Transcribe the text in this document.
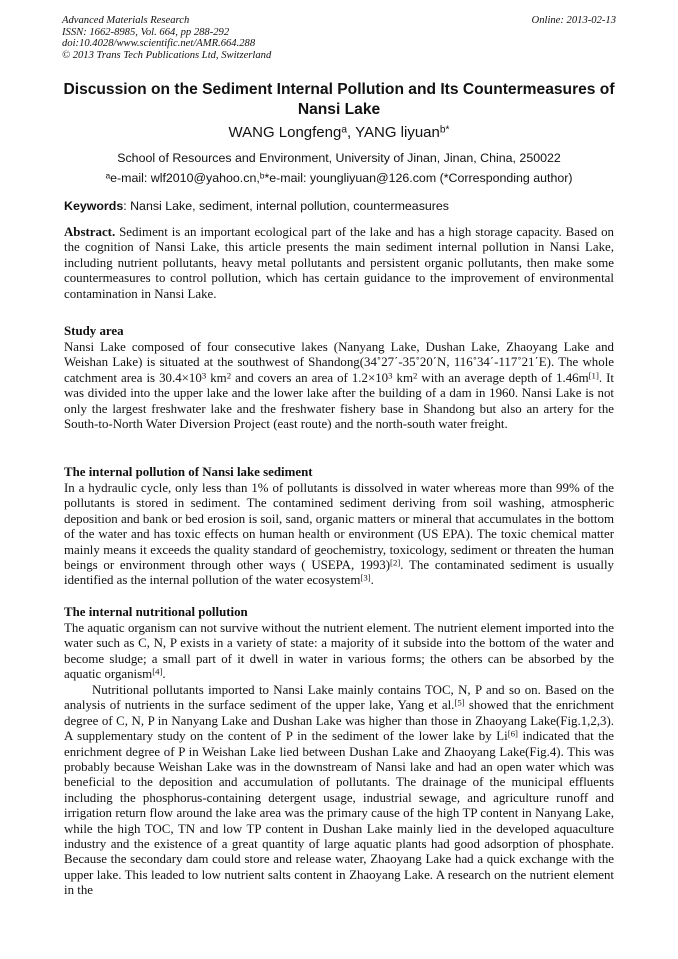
Advanced Materials Research
ISSN: 1662-8985, Vol. 664, pp 288-292
doi:10.4028/www.scientific.net/AMR.664.288
© 2013 Trans Tech Publications Ltd, Switzerland
Online: 2013-02-13
Discussion on the Sediment Internal Pollution and Its Countermeasures of Nansi Lake
WANG Longfeng$^a$, YANG liyuan$^{b*}$
School of Resources and Environment, University of Jinan, Jinan, China, 250022
$^a$e-mail: wlf2010@yahoo.cn,$^b$*e-mail: youngliyuan@126.com (*Corresponding author)
Keywords: Nansi Lake, sediment, internal pollution, countermeasures
Abstract. Sediment is an important ecological part of the lake and has a high storage capacity. Based on the cognition of Nansi Lake, this article presents the main sediment internal pollution in Nansi Lake, including nutrient pollutants, heavy metal pollutants and persistent organic pollutants, then make some countermeasures to control pollution, which has certain guidance to the improvement of environmental contamination in Nansi Lake.
Study area
Nansi Lake composed of four consecutive lakes (Nanyang Lake, Dushan Lake, Zhaoyang Lake and Weishan Lake) is situated at the southwest of Shandong(34˚27΄-35˚20΄N, 116˚34΄-117˚21΄E). The whole catchment area is $30.4\times 10^3$ $km^2$ and covers an area of $1.2\times 10^3$ $km^2$ with an average depth of 1.46m[1]. It was divided into the upper lake and the lower lake after the building of a dam in 1960. Nansi Lake is not only the largest freshwater lake and the freshwater fishery base in Shandong but also an artery for the South-to-North Water Diversion Project (east route) and the north-south water freight.
The internal pollution of Nansi lake sediment
In a hydraulic cycle, only less than 1% of pollutants is dissolved in water whereas more than 99% of the pollutants is stored in sediment. The contamined sediment deriving from soil washing, atmospheric deposition and bank or bed erosion is soil, sand, organic matters or mineral that accumulates in the bottom of the water and has toxic effects on human health or environment (US EPA). The toxic chemical matter mainly means it exceeds the quality standard of geochemistry, toxicology, sediment or threaten the human beings or environment through other ways ( USEPA, 1993)[2]. The contaminated sediment is usually identified as the internal pollution of the water ecosystem[3].
The internal nutritional pollution
The aquatic organism can not survive without the nutrient element. The nutrient element imported into the water such as C, N, P exists in a variety of state: a majority of it subside into the bottom of the water and become sludge; a small part of it dwell in water in various forms; the others can be absorbed by the aquatic organism[4].
Nutritional pollutants imported to Nansi Lake mainly contains TOC, N, P and so on. Based on the analysis of nutrients in the surface sediment of the upper lake, Yang et al.[5] showed that the enrichment degree of C, N, P in Nanyang Lake and Dushan Lake was higher than those in Zhaoyang Lake(Fig.1,2,3). A supplementary study on the content of P in the sediment of the lower lake by Li[6] indicated that the enrichment degree of P in Weishan Lake lied between Dushan Lake and Zhaoyang Lake(Fig.4). This was probably because Weishan Lake was in the downstream of Nansi lake and had an open water which was beneficial to the deposition and accumulation of pollutants. The drainage of the municipal effluents including the phosphorus-containing detergent usage, industrial sewage, and agriculture runoff and irrigation return flow around the lake area was the primary cause of the high TP content in Nanyang Lake, while the high TOC, TN and low TP content in Dushan Lake mainly lied in the developed aquaculture industry and the existence of a great quantity of large aquatic plants had good adsorption of phosphate. Because the secondary dam could store and release water, Zhaoyang Lake had a quick exchange with the upper lake. This leaded to low nutrient salts content in Zhaoyang Lake. A research on the nutrient element in the
